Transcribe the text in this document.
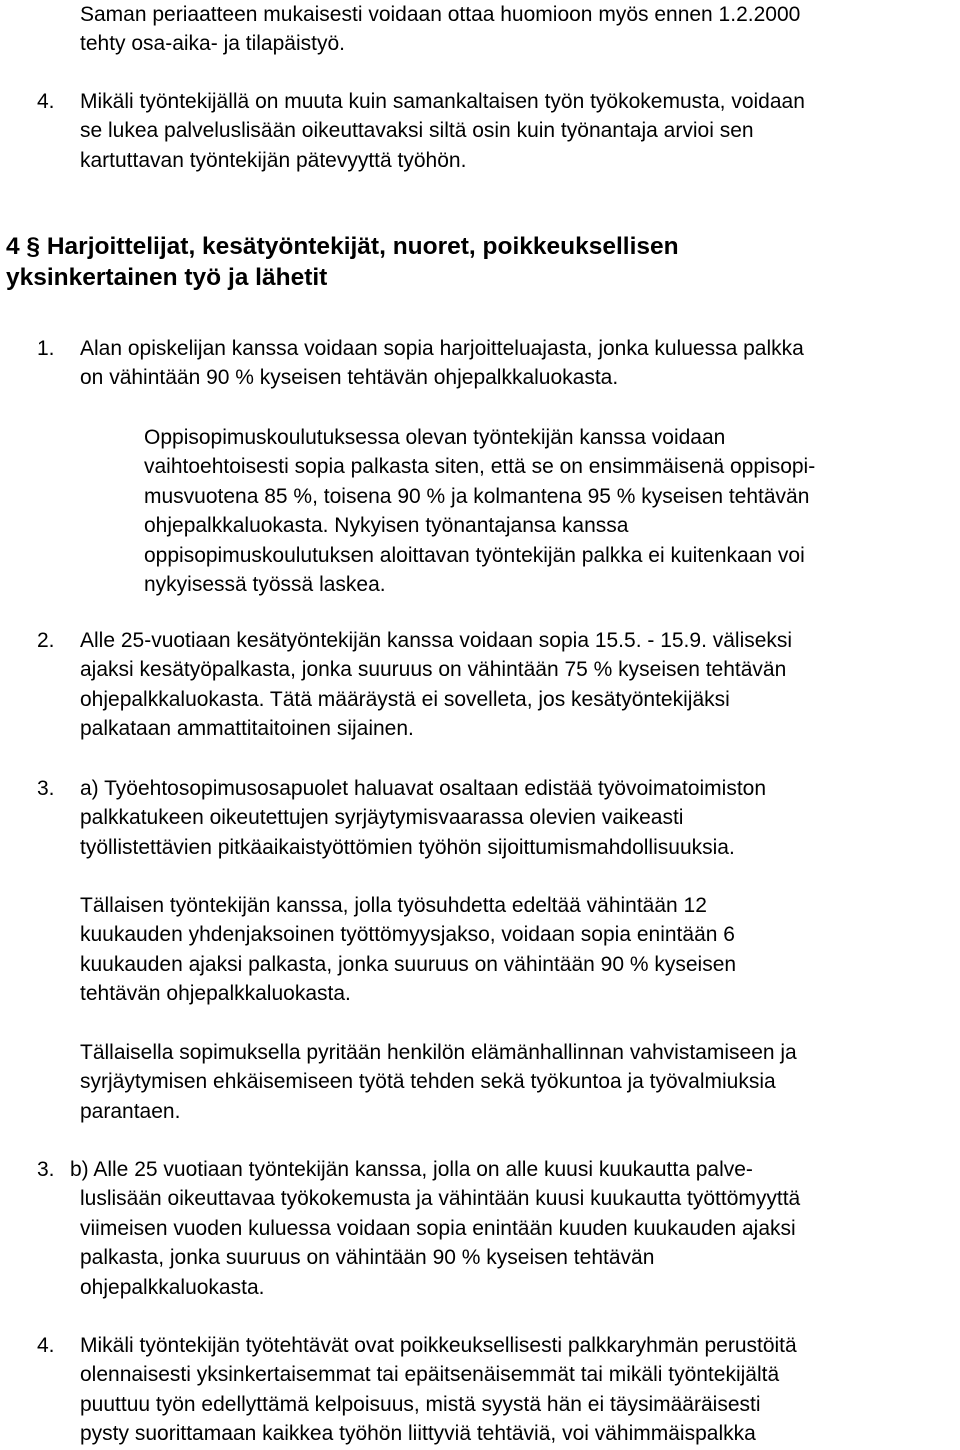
Saman periaatteen mukaisesti voidaan ottaa huomioon myös ennen 1.2.2000
tehty osa-aika- ja tilapäistyö.
4. Mikäli työntekijällä on muuta kuin samankaltaisen työn työkokemusta, voidaan
se lukea palveluslisään oikeuttavaksi siltä osin kuin työnantaja arvioi sen
kartuttavan työntekijän pätevyyttä työhön.
4 § Harjoittelijat, kesätyöntekijät, nuoret, poikkeuksellisen
yksinkertainen työ ja lähetit
1. Alan opiskelijan kanssa voidaan sopia harjoitteluajasta, jonka kuluessa palkka
on vähintään 90 % kyseisen tehtävän ohjepalkkaluokasta.
Oppisopimuskoulutuksessa olevan työntekijän kanssa voidaan
vaihtoehtoisesti sopia palkasta siten, että se on ensimmäisenä oppisopi-
musvuotena 85 %, toisena 90 % ja kolmantena 95 % kyseisen tehtävän
ohjepalkkaluokasta. Nykyisen työnantajansa kanssa
oppisopimuskoulutuksen aloittavan työntekijän palkka ei kuitenkaan voi
nykyisessä työssä laskea.
2. Alle 25-vuotiaan kesätyöntekijän kanssa voidaan sopia 15.5. - 15.9. väliseksi
ajaksi kesätyöpalkasta, jonka suuruus on vähintään 75 % kyseisen tehtävän
ohjepalkkaluokasta. Tätä määräystä ei sovelleta, jos kesätyöntekijäksi
palkataan ammattitaitoinen sijainen.
3. a) Työehtosopimusosapuolet haluavat osaltaan edistää työvoimatoimiston
palkkatukeen oikeutettujen syrjäytymisvaarassa olevien vaikeasti
työllistettävien pitkäaikaistyöttömien työhön sijoittumismahdollisuuksia.
Tällaisen työntekijän kanssa, jolla työsuhdetta edeltää vähintään 12
kuukauden yhdenjaksoinen työttömyysjakso, voidaan sopia enintään 6
kuukauden ajaksi palkasta, jonka suuruus on vähintään 90 % kyseisen
tehtävän ohjepalkkaluokasta.
Tällaisella sopimuksella pyritään henkilön elämänhallinnan vahvistamiseen ja
syrjäytymisen ehkäisemiseen työtä tehden sekä työkuntoa ja työvalmiuksia
parantaen.
3. b) Alle 25 vuotiaan työntekijän kanssa, jolla on alle kuusi kuukautta palve-
luslisään oikeuttavaa työkokemusta ja vähintään kuusi kuukautta työttömyyttä
viimeisen vuoden kuluessa voidaan sopia enintään kuuden kuukauden ajaksi
palkasta, jonka suuruus on vähintään 90 % kyseisen tehtävän
ohjepalkkaluokasta.
4. Mikäli työntekijän työtehtävät ovat poikkeuksellisesti palkkaryhmän perustöitä
olennaisesti yksinkertaisemmat tai epäitsenäisemmät tai mikäli työntekijältä
puuttuu työn edellyttämä kelpoisuus, mistä syystä hän ei täysimääräisesti
pysty suorittamaan kaikkea työhön liittyviä tehtäviä, voi vähimmäispalkka
